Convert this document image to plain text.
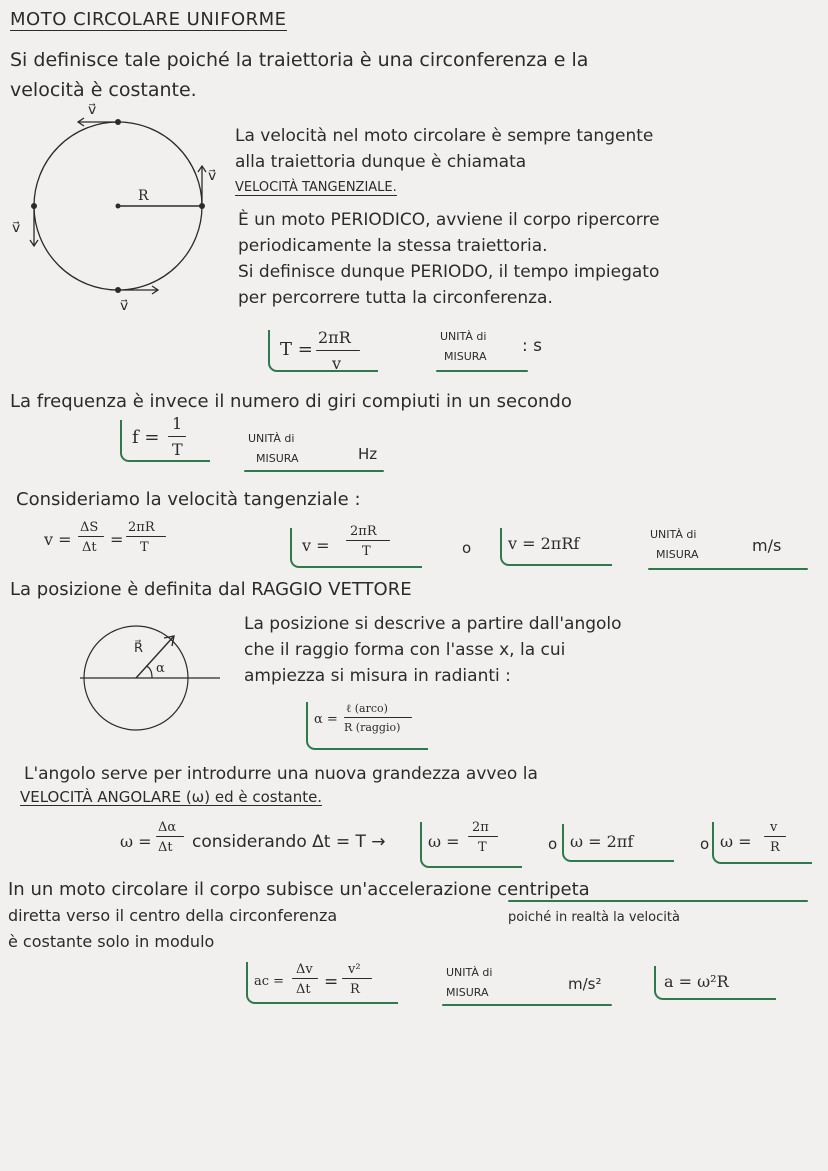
MOTO CIRCOLARE UNIFORME
Si definisce tale poiché la traiettoria è una circonferenza e la
velocità è costante.
v⃗
v⃗
v⃗
v⃗
R
La velocità nel moto circolare è sempre tangente
alla traiettoria dunque è chiamata
VELOCITÀ TANGENZIALE.
È un moto PERIODICO, avviene il corpo ripercorre
periodicamente la stessa traiettoria.
Si definisce dunque PERIODO, il tempo impiegato
per percorrere tutta la circonferenza.
T =
2πR
v
UNITÀ di
MISURA
: s
La frequenza è invece il numero di giri compiuti in un secondo
f =
1
T
UNITÀ di
MISURA	Hz
Consideriamo la velocità tangenziale :
v =
ΔS
Δt =
2πR
T	v =
2πR
T	o v = 2πRf	UNITÀ di
MISURA	m/s
La posizione è definita dal RAGGIO VETTORE
R⃗
α
La posizione si descrive a partire dall'angolo
che il raggio forma con l'asse x, la cui
ampiezza si misura in radianti :
α =
ℓ (arco)
R (raggio)
L'angolo serve per introdurre una nuova grandezza avveo la
VELOCITÀ ANGOLARE (ω) ed è costante.
ω =
Δα
Δt considerando Δt = T →	ω =
2π
T	o ω = 2πf	o ω =
v
R
In un moto circolare il corpo subisce un'accelerazione centripeta
diretta verso il centro della circonferenza	poiché in realtà la velocità
è costante solo in modulo
ac =
Δv
Δt =
v²
R
UNITÀ di
MISURA	m/s²	a = ω²R
